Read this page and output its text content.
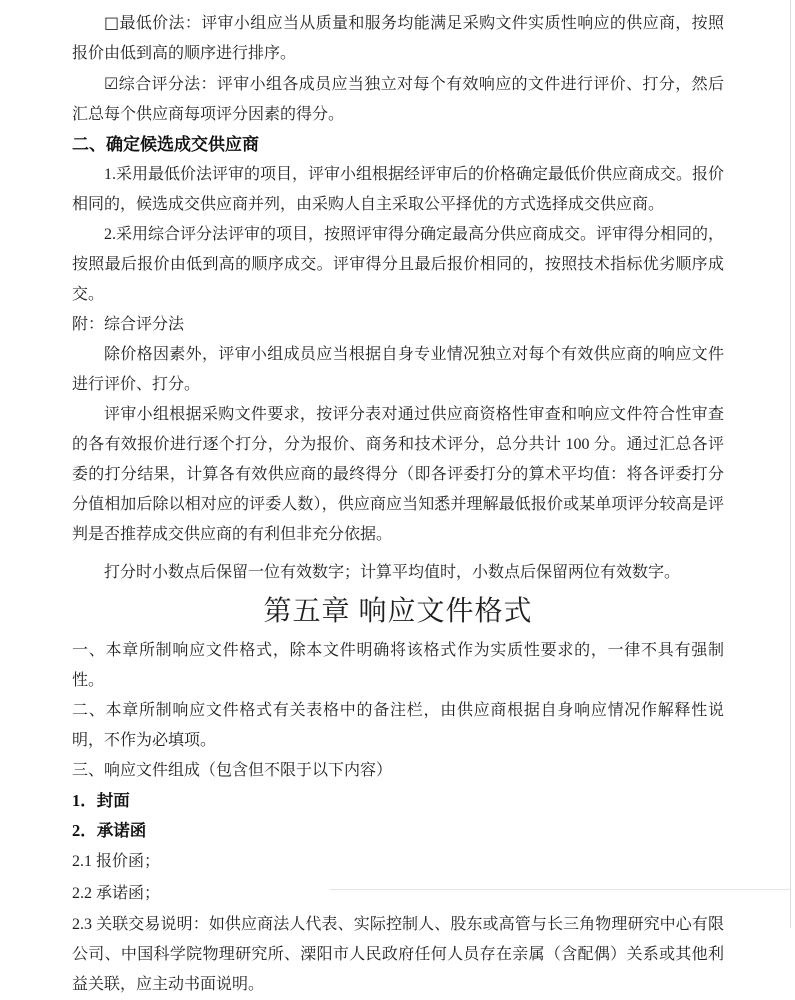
□最低价法：评审小组应当从质量和服务均能满足采购文件实质性响应的供应商，按照报价由低到高的顺序进行排序。

☑综合评分法：评审小组各成员应当独立对每个有效响应的文件进行评价、打分，然后汇总每个供应商每项评分因素的得分。

二、确定候选成交供应商

1.采用最低价法评审的项目，评审小组根据经评审后的价格确定最低价供应商成交。报价相同的，候选成交供应商并列，由采购人自主采取公平择优的方式选择成交供应商。

2.采用综合评分法评审的项目，按照评审得分确定最高分供应商成交。评审得分相同的，按照最后报价由低到高的顺序成交。评审得分且最后报价相同的，按照技术指标优劣顺序成交。

附：综合评分法

除价格因素外，评审小组成员应当根据自身专业情况独立对每个有效供应商的响应文件进行评价、打分。

评审小组根据采购文件要求，按评分表对通过供应商资格性审查和响应文件符合性审查的各有效报价进行逐个打分，分为报价、商务和技术评分，总分共计 100 分。通过汇总各评委的打分结果，计算各有效供应商的最终得分（即各评委打分的算术平均值：将各评委打分分值相加后除以相对应的评委人数），供应商应当知悉并理解最低报价或某单项评分较高是评判是否推荐成交供应商的有利但非充分依据。

打分时小数点后保留一位有效数字；计算平均值时，小数点后保留两位有效数字。

第五章 响应文件格式

一、本章所制响应文件格式，除本文件明确将该格式作为实质性要求的，一律不具有强制性。

二、本章所制响应文件格式有关表格中的备注栏，由供应商根据自身响应情况作解释性说明，不作为必填项。

三、响应文件组成（包含但不限于以下内容）

1．封面

2．承诺函

2.1 报价函；

2.2 承诺函；

2.3 关联交易说明：如供应商法人代表、实际控制人、股东或高管与长三角物理研究中心有限公司、中国科学院物理研究所、溧阳市人民政府任何人员存在亲属（含配偶）关系或其他利益关联，应主动书面说明。
